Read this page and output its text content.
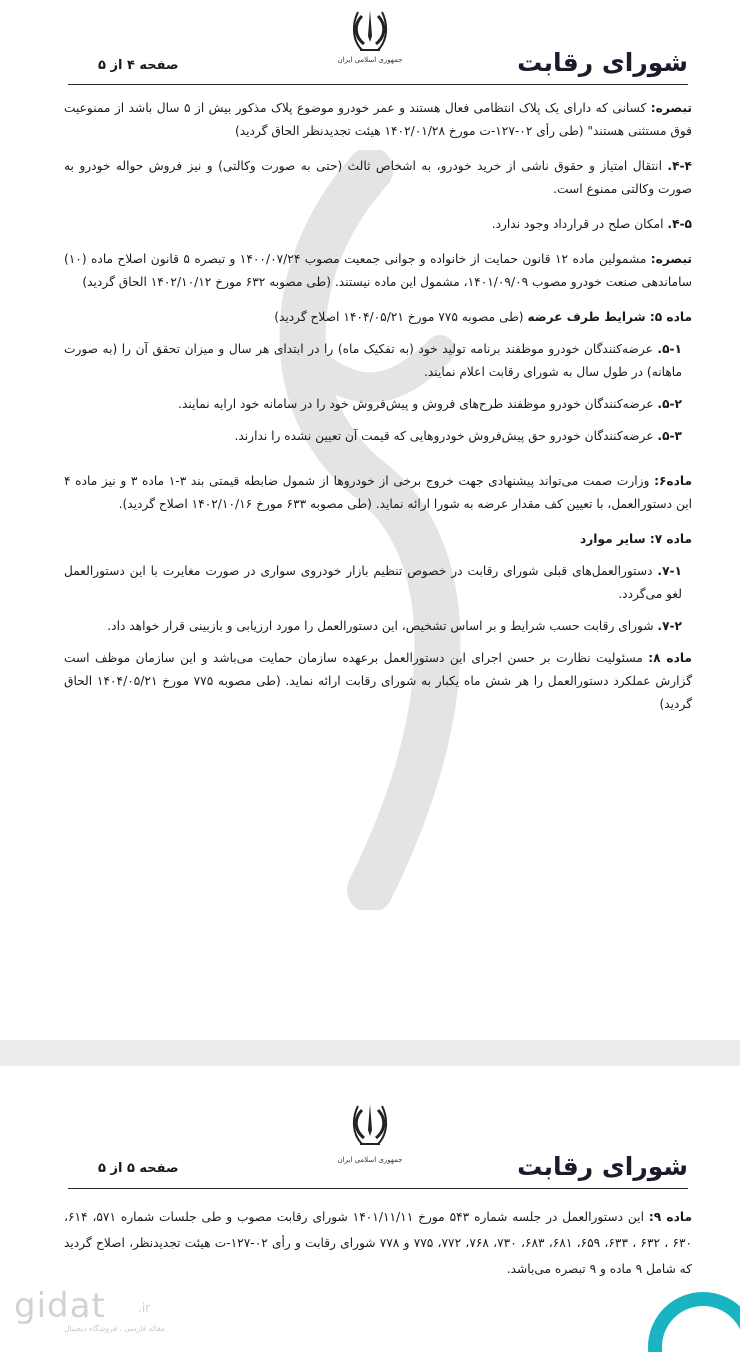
جمهوری اسلامی ایران	شورای رقابت
صفحه ۴ از ۵

تبصره: کسانی که دارای یک پلاک انتظامی فعال هستند و عمر خودرو موضوع پلاک مذکور بیش از ۵ سال باشد از ممنوعیت فوق مستثنی هستند" (طی رأی ۰۲-۱۲۷-ت مورخ ۱۴۰۲/۰۱/۲۸ هیئت تجدیدنظر الحاق گردید)

۴-۴. انتقال امتیاز و حقوق ناشی از خرید خودرو، به اشخاص ثالث (حتی به صورت وکالتی) و نیز فروش حواله خودرو به صورت وکالتی ممنوع است.

۴-۵. امکان صلح در قرارداد وجود ندارد.

تبصره: مشمولین ماده ۱۲ قانون حمایت از خانواده و جوانی جمعیت مصوب ۱۴۰۰/۰۷/۲۴ و تبصره ۵ قانون اصلاح ماده (۱۰) ساماندهی صنعت خودرو مصوب ۱۴۰۱/۰۹/۰۹، مشمول این ماده نیستند. (طی مصوبه ۶۳۲ مورخ ۱۴۰۲/۱۰/۱۲ الحاق گردید)

ماده ۵: شرایط طرف عرضه (طی مصوبه ۷۷۵ مورخ ۱۴۰۴/۰۵/۲۱ اصلاح گردید)

۵-۱. عرضه‌کنندگان خودرو موظفند برنامه تولید خود (به تفکیک ماه) را در ابتدای هر سال و میزان تحقق آن را (به صورت ماهانه) در طول سال به شورای رقابت اعلام نمایند.

۵-۲. عرضه‌کنندگان خودرو موظفند طرح‌های فروش و پیش‌فروش خود را در سامانه خود ارایه نمایند.

۵-۳. عرضه‌کنندگان خودرو حق پیش‌فروش خودروهایی که قیمت آن تعیین نشده را ندارند.

ماده۶: وزارت صمت می‌تواند پیشنهادی جهت خروج برخی از خودروها از شمول ضابطه قیمتی بند ۳-۱ ماده ۳ و نیز ماده ۴ این دستورالعمل، با تعیین کف مقدار عرضه به شورا ارائه نماید. (طی مصوبه ۶۳۳ مورخ ۱۴۰۲/۱۰/۱۶ اصلاح گردید).

ماده ۷: سایر موارد

۷-۱. دستورالعمل‌های قبلی شورای رقابت در خصوص تنظیم بازار خودروی سواری در صورت مغایرت با این دستورالعمل لغو می‌گردد.

۷-۲. شورای رقابت حسب شرایط و بر اساس تشخیص، این دستورالعمل را مورد ارزیابی و بازبینی قرار خواهد داد.

ماده ۸: مسئولیت نظارت بر حسن اجرای این دستورالعمل برعهده سازمان حمایت می‌باشد و این سازمان موظف است گزارش عملکرد دستورالعمل را هر شش ماه یکبار به شورای رقابت ارائه نماید. (طی مصوبه ۷۷۵ مورخ ۱۴۰۴/۰۵/۲۱ الحاق گردید)

جمهوری اسلامی ایران	شورای رقابت
صفحه ۵ از ۵

ماده ۹: این دستورالعمل در جلسه شماره ۵۴۳ مورخ ۱۴۰۱/۱۱/۱۱ شورای رقابت مصوب و طی جلسات شماره ۵۷۱، ۶۱۴، ۶۳۰ ، ۶۳۲ ، ۶۳۳، ۶۵۹، ۶۸۱، ۶۸۳، ۷۳۰، ۷۶۸، ۷۷۲، ۷۷۵ و ۷۷۸ شورای رقابت و رأی ۰۲-۱۲۷-ت هیئت تجدیدنظر، اصلاح گردید که شامل ۹ ماده و ۹ تبصره می‌باشد.

gidat	.ir
مقاله فارسی ، فروشگاه دیجیتال
